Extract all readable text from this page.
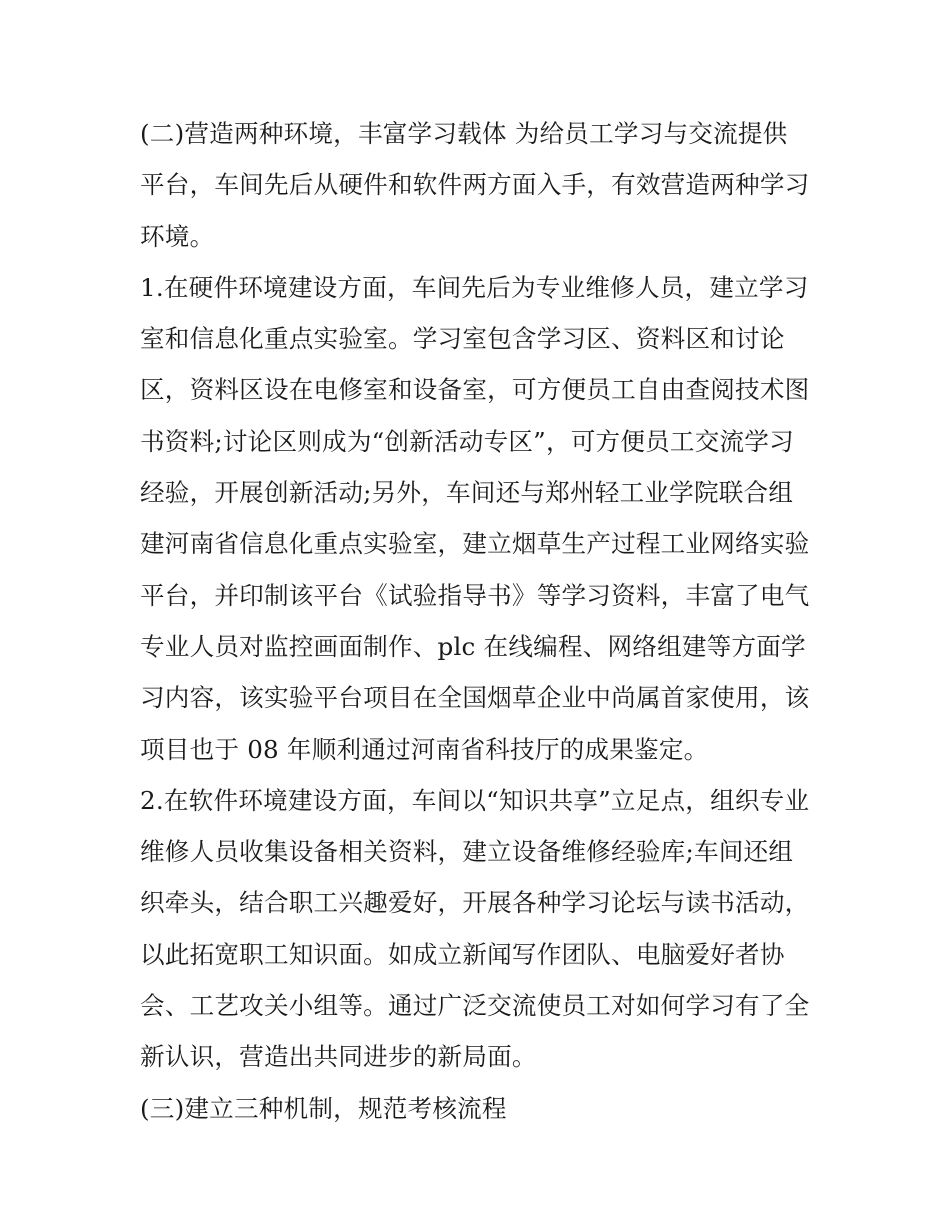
(二)营造两种环境，丰富学习载体 为给员工学习与交流提供
平台，车间先后从硬件和软件两方面入手，有效营造两种学习
环境。
1.在硬件环境建设方面，车间先后为专业维修人员，建立学习
室和信息化重点实验室。学习室包含学习区、资料区和讨论
区，资料区设在电修室和设备室，可方便员工自由查阅技术图
书资料;讨论区则成为“创新活动专区”，可方便员工交流学习
经验，开展创新活动;另外，车间还与郑州轻工业学院联合组
建河南省信息化重点实验室，建立烟草生产过程工业网络实验
平台，并印制该平台《试验指导书》等学习资料，丰富了电气
专业人员对监控画面制作、plc 在线编程、网络组建等方面学
习内容，该实验平台项目在全国烟草企业中尚属首家使用，该
项目也于 08 年顺利通过河南省科技厅的成果鉴定。
2.在软件环境建设方面，车间以“知识共享”立足点，组织专业
维修人员收集设备相关资料，建立设备维修经验库;车间还组
织牵头，结合职工兴趣爱好，开展各种学习论坛与读书活动，
以此拓宽职工知识面。如成立新闻写作团队、电脑爱好者协
会、工艺攻关小组等。通过广泛交流使员工对如何学习有了全
新认识，营造出共同进步的新局面。
(三)建立三种机制，规范考核流程
